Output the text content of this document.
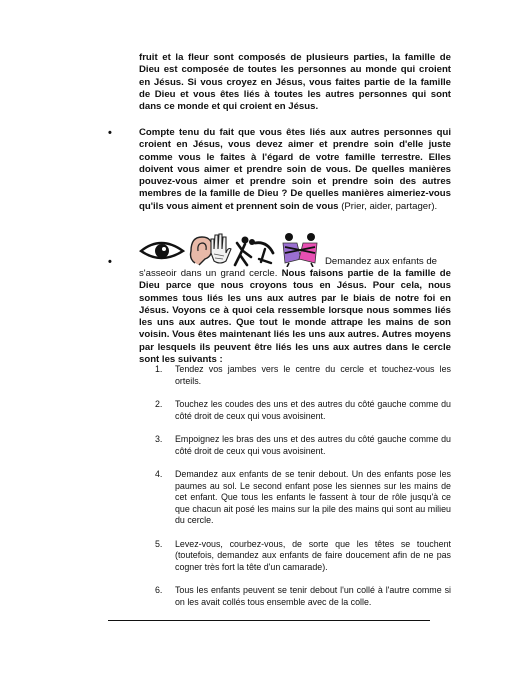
fruit et la fleur sont composés de plusieurs parties, la famille de Dieu est composée de toutes les personnes au monde qui croient en Jésus. Si vous croyez en Jésus, vous faites partie de la famille de Dieu et vous êtes liés à toutes les autres personnes qui sont dans ce monde et qui croient en Jésus.

•	Compte tenu du fait que vous êtes liés aux autres personnes qui croient en Jésus, vous devez aimer et prendre soin d'elle juste comme vous le faites à l'égard de votre famille terrestre. Elles doivent vous aimer et prendre soin de vous. De quelles manières pouvez-vous aimer et prendre soin et prendre soin des autres membres de la famille de Dieu ? De quelles manières aimeriez-vous qu'ils vous aiment et prennent soin de vous (Prier, aider, partager).

•	Demandez aux enfants de

s'asseoir dans un grand cercle. Nous faisons partie de la famille de Dieu parce que nous croyons tous en Jésus. Pour cela, nous sommes tous liés les uns aux autres par le biais de notre foi en Jésus. Voyons ce à quoi cela ressemble lorsque nous sommes liés les uns aux autres. Que tout le monde attrape les mains de son voisin. Vous êtes maintenant liés les uns aux autres. Autres moyens par lesquels ils peuvent être liés les uns aux autres dans le cercle sont les suivants :

1. Tendez vos jambes vers le centre du cercle et touchez-vous les orteils.
2. Touchez les coudes des uns et des autres du côté gauche comme du côté droit de ceux qui vous avoisinent.
3. Empoignez les bras des uns et des autres du côté gauche comme du côté droit de ceux qui vous avoisinent.
4. Demandez aux enfants de se tenir debout. Un des enfants pose les paumes au sol. Le second enfant pose les siennes sur les mains de cet enfant. Que tous les enfants le fassent à tour de rôle jusqu'à ce que chacun ait posé les mains sur la pile des mains qui sont au milieu du cercle.
5. Levez-vous, courbez-vous, de sorte que les têtes se touchent (toutefois, demandez aux enfants de faire doucement afin de ne pas cogner très fort la tête d'un camarade).
6. Tous les enfants peuvent se tenir debout l'un collé à l'autre comme si on les avait collés tous ensemble avec de la colle.
